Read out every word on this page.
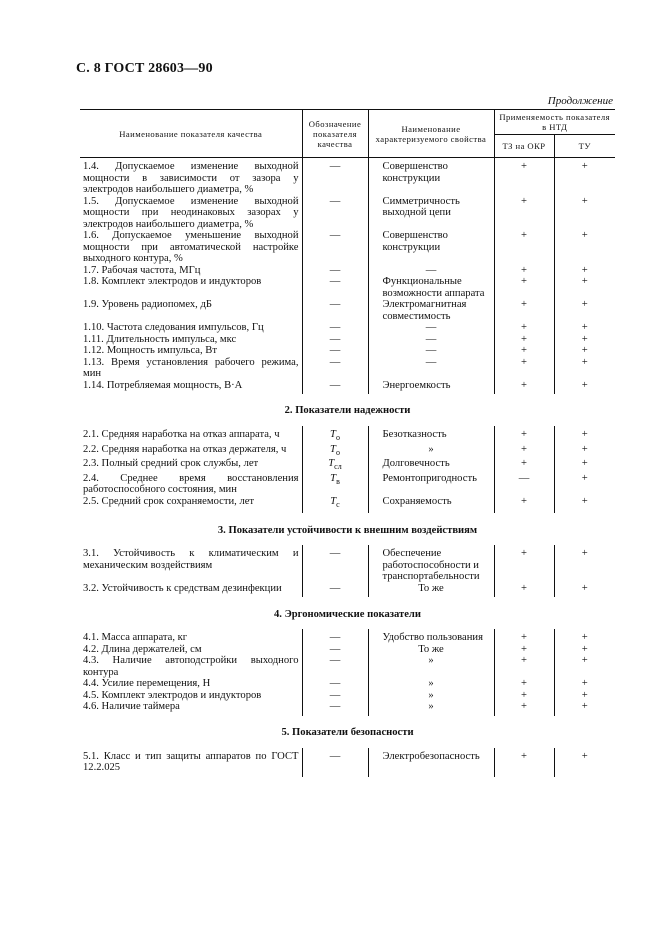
С. 8 ГОСТ 28603—90
Продолжение
Наименование показателя качества	Обозначение показателя качества	Наименование характеризуемого свойства	Применяемость показателя в НТД	
			ТЗ на ОКР	ТУ

1.4. Допускаемое изменение выходной мощности в зависимости от зазора у электродов наибольшего диаметра, %	—	Совершенство конструкции	+	+
1.5. Допускаемое изменение выходной мощности при неодинаковых зазорах у электродов наибольшего диаметра, %	—	Симметричность выходной цепи	+	+
1.6. Допускаемое уменьшение выходной мощности при автоматической настройке выходного контура, %	—	Совершенство конструкции	+	+
1.7. Рабочая частота, МГц	—	—	+	+
1.8. Комплект электродов и индукторов	—	Функциональные возможности аппарата	+	+
1.9. Уровень радиопомех, дБ	—	Электромагнитная совместимость	+	+
1.10. Частота следования импульсов, Гц	—	—	+	+
1.11. Длительность импульса, мкс	—	—	+	+
1.12. Мощность импульса, Вт	—	—	+	+
1.13. Время установления рабочего режима, мин	—	—	+	+
1.14. Потребляемая мощность, В·А	—	Энергоемкость	+	+

2. Показатели надежности				

2.1. Средняя наработка на отказ аппарата, ч	$T_о$	Безотказность	+	+
2.2. Средняя наработка на отказ держателя, ч	$T_о$	»	+	+
2.3. Полный средний срок службы, лет	$T_{сл}$	Долговечность	+	+
2.4. Среднее время восстановления работоспособного состояния, мин	$T_в$	Ремонтопригодность	—	+
2.5. Средний срок сохраняемости, лет	$T_с$	Сохраняемость	+	+

3. Показатели устойчивости к внешним воздействиям				

3.1. Устойчивость к климатическим и механическим воздействиям	—	Обеспечение работоспособности и транспортабельности	+	+
3.2. Устойчивость к средствам дезинфекции	—	То же	+	+

4. Эргономические показатели				

4.1. Масса аппарата, кг	—	Удобство пользования	+	+
4.2. Длина держателей, см	—	То же	+	+
4.3. Наличие автоподстройки выходного контура	—	»	+	+
4.4. Усилие перемещения, Н	—	»	+	+
4.5. Комплект электродов и индукторов	—	»	+	+
4.6. Наличие таймера	—	»	+	+

5. Показатели безопасности				

5.1. Класс и тип защиты аппаратов по ГОСТ 12.2.025	—	Электробезопасность	+	+
